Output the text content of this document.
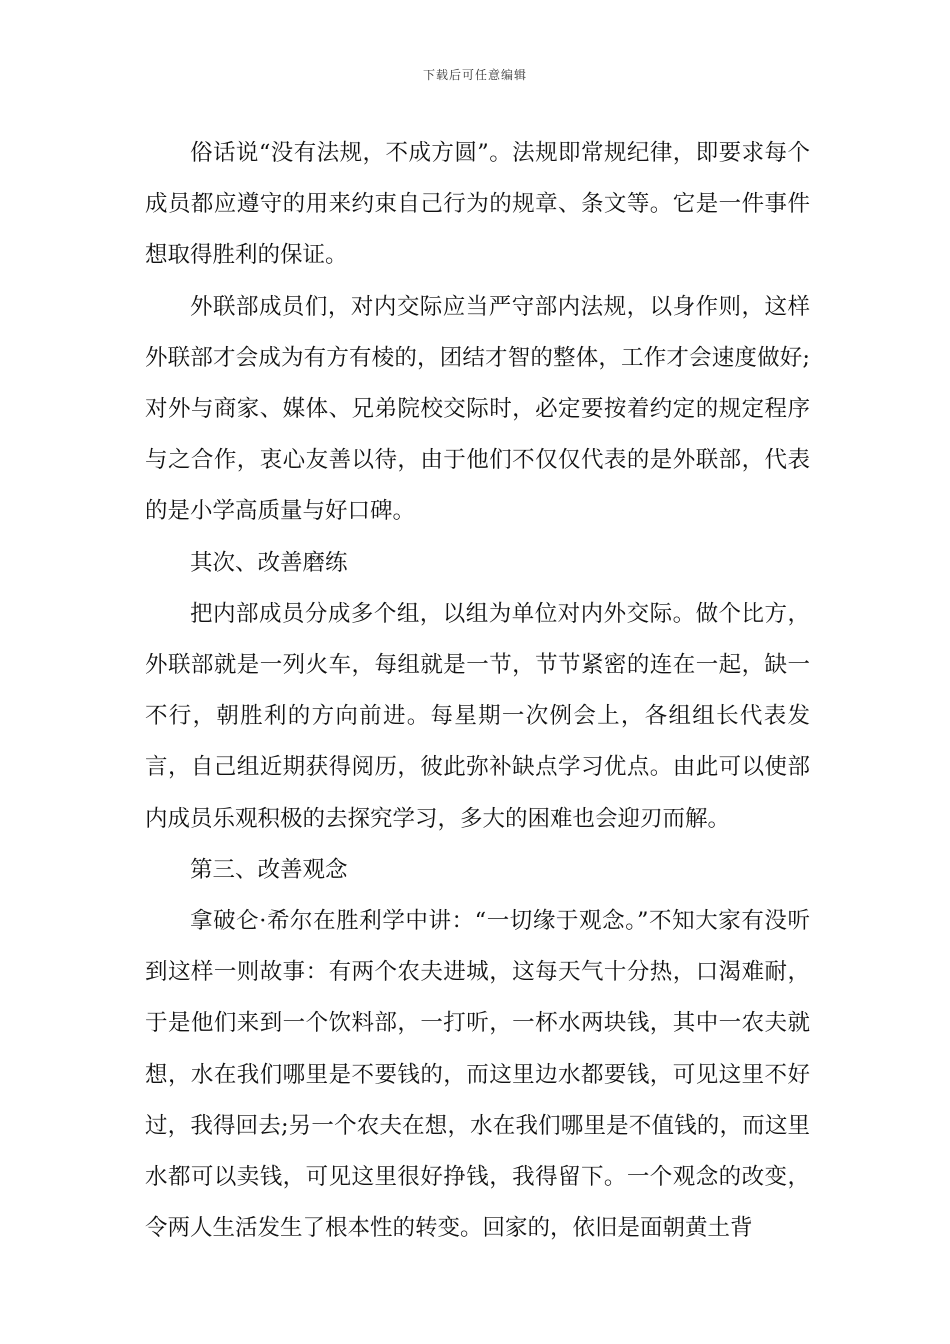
下载后可任意编辑

俗话说“没有法规，不成方圆”。法规即常规纪律，即要求每个成员都应遵守的用来约束自己行为的规章、条文等。它是一件事件想取得胜利的保证。

外联部成员们，对内交际应当严守部内法规，以身作则，这样外联部才会成为有方有棱的，团结才智的整体，工作才会速度做好;对外与商家、媒体、兄弟院校交际时，必定要按着约定的规定程序与之合作，衷心友善以待，由于他们不仅仅代表的是外联部，代表的是小学高质量与好口碑。

其次、改善磨练

把内部成员分成多个组，以组为单位对内外交际。做个比方，外联部就是一列火车，每组就是一节，节节紧密的连在一起，缺一不行，朝胜利的方向前进。每星期一次例会上，各组组长代表发言，自己组近期获得阅历，彼此弥补缺点学习优点。由此可以使部内成员乐观积极的去探究学习，多大的困难也会迎刃而解。

第三、改善观念

拿破仑·希尔在胜利学中讲：“一切缘于观念。”不知大家有没听到这样一则故事：有两个农夫进城，这每天气十分热，口渴难耐，于是他们来到一个饮料部，一打听，一杯水两块钱，其中一农夫就想，水在我们哪里是不要钱的，而这里边水都要钱，可见这里不好过，我得回去;另一个农夫在想，水在我们哪里是不值钱的，而这里水都可以卖钱，可见这里很好挣钱，我得留下。一个观念的改变，令两人生活发生了根本性的转变。回家的，依旧是面朝黄土背
